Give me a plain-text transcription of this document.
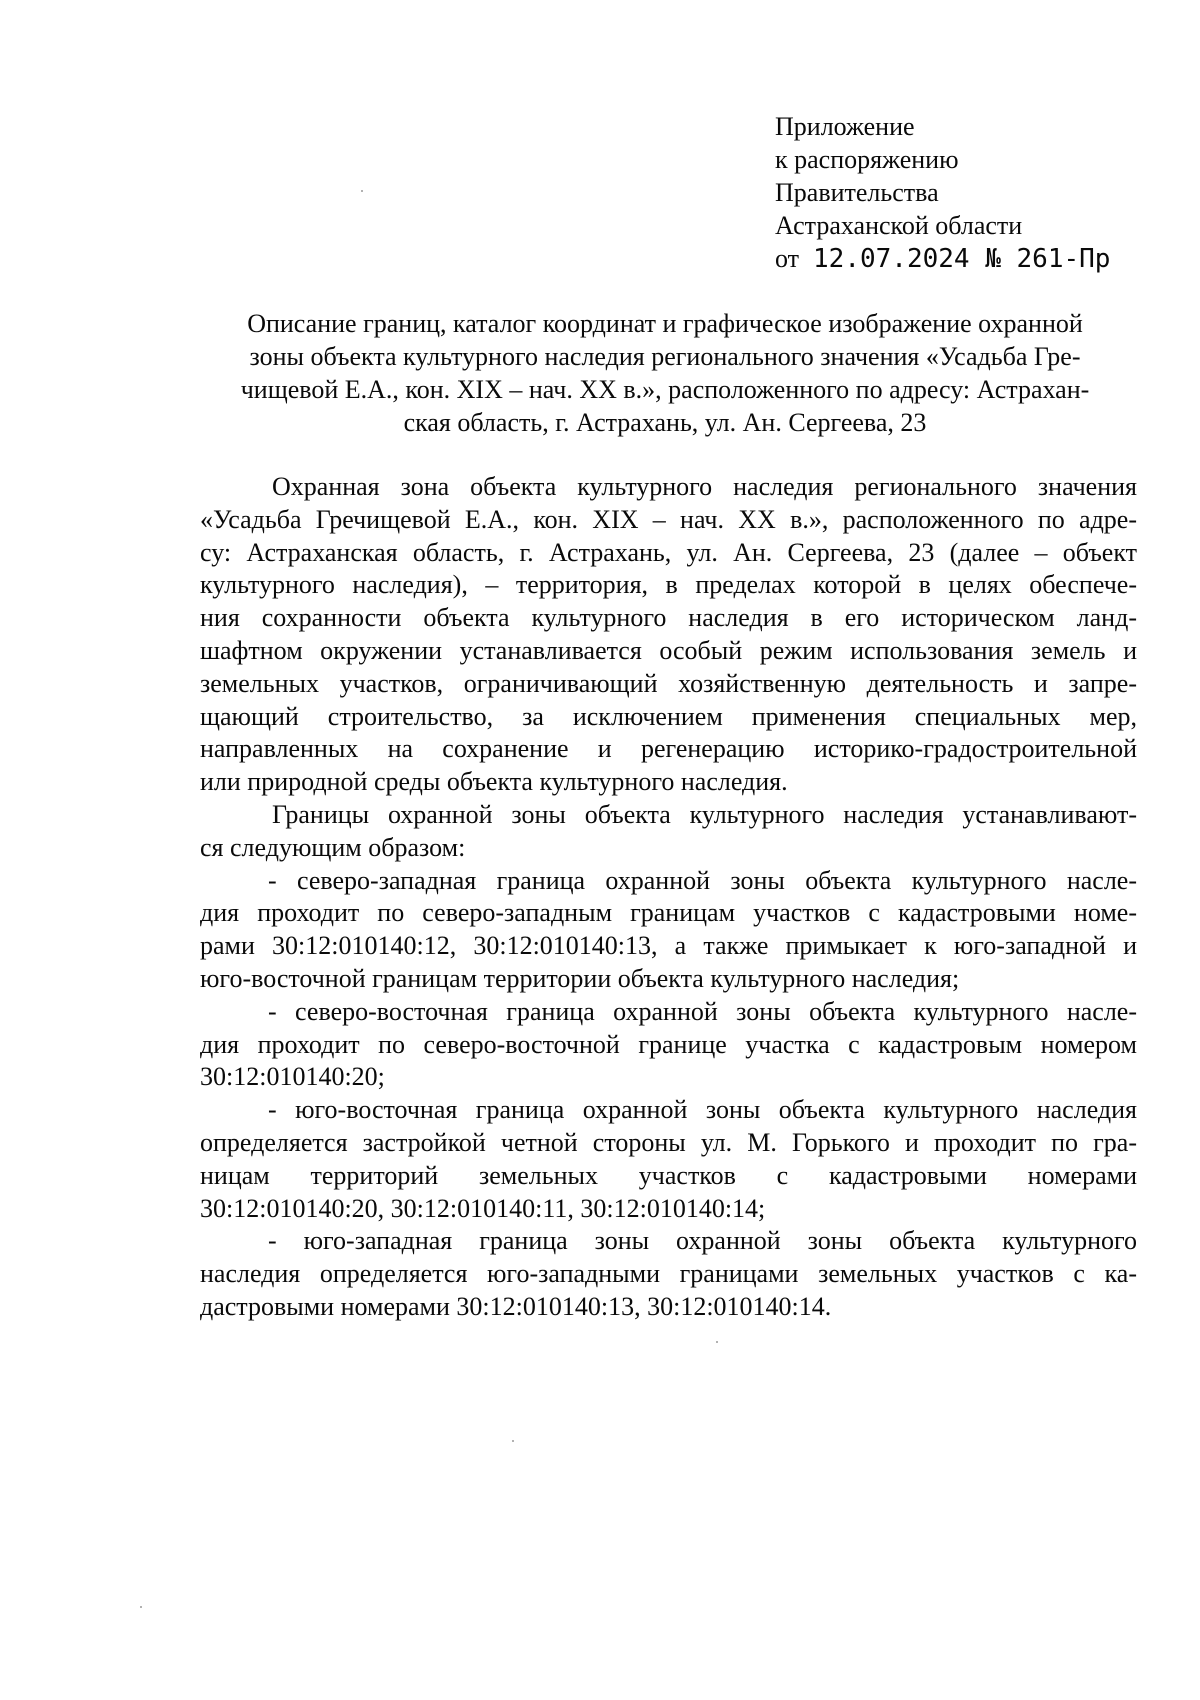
Приложение
к распоряжению
Правительства
Астраханской области
от 12.07.2024 № 261-Пр
Описание границ, каталог координат и графическое изображение охранной
зоны объекта культурного наследия регионального значения «Усадьба Гре-
чищевой Е.А., кон. XIX – нач. XX в.», расположенного по адресу: Астрахан-
ская область, г. Астрахань, ул. Ан. Сергеева, 23
Охранная зона объекта культурного наследия регионального значения
«Усадьба Гречищевой Е.А., кон. XIX – нач. XX в.», расположенного по адре-
су: Астраханская область, г. Астрахань, ул. Ан. Сергеева, 23 (далее – объект
культурного наследия), – территория, в пределах которой в целях обеспече-
ния сохранности объекта культурного наследия в его историческом ланд-
шафтном окружении устанавливается особый режим использования земель и
земельных участков, ограничивающий хозяйственную деятельность и запре-
щающий строительство, за исключением применения специальных мер,
направленных на сохранение и регенерацию историко-градостроительной
или природной среды объекта культурного наследия.
Границы охранной зоны объекта культурного наследия устанавливают-
ся следующим образом:
- северо-западная граница охранной зоны объекта культурного насле-
дия проходит по северо-западным границам участков с кадастровыми номе-
рами 30:12:010140:12, 30:12:010140:13, а также примыкает к юго-западной и
юго-восточной границам территории объекта культурного наследия;
- северо-восточная граница охранной зоны объекта культурного насле-
дия проходит по северо-восточной границе участка с кадастровым номером
30:12:010140:20;
- юго-восточная граница охранной зоны объекта культурного наследия
определяется застройкой четной стороны ул. М. Горького и проходит по гра-
ницам территорий земельных участков с кадастровыми номерами
30:12:010140:20, 30:12:010140:11, 30:12:010140:14;
- юго-западная граница зоны охранной зоны объекта культурного
наследия определяется юго-западными границами земельных участков с ка-
дастровыми номерами 30:12:010140:13, 30:12:010140:14.
